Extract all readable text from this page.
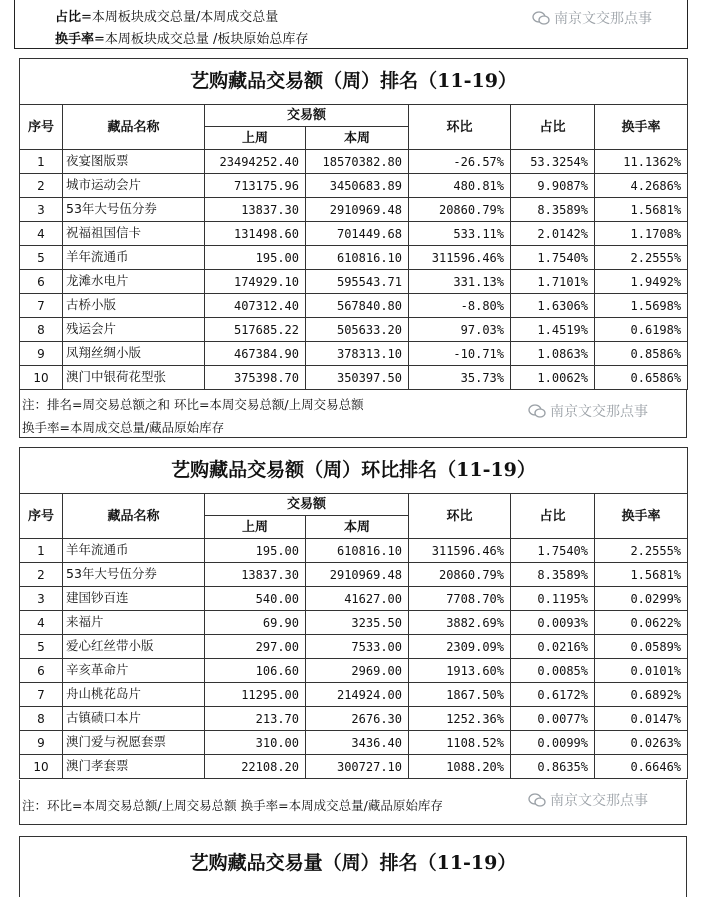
占比=本周板块成交总量/本周成交总量
换手率=本周板块成交总量 /板块原始总库存
南京文交那点事
艺购藏品交易额（周）排名（11-19）						
序号	藏品名称	交易额		环比	占比	换手率
		上周	本周			
1	夜宴图版票	23494252.40	18570382.80	-26.57%	53.3254%	11.1362%
2	城市运动会片	713175.96	3450683.89	480.81%	9.9087%	4.2686%
3	53年大号伍分券	13837.30	2910969.48	20860.79%	8.3589%	1.5681%
4	祝福祖国信卡	131498.60	701449.68	533.11%	2.0142%	1.1708%
5	羊年流通币	195.00	610816.10	311596.46%	1.7540%	2.2555%
6	龙滩水电片	174929.10	595543.71	331.13%	1.7101%	1.9492%
7	古桥小版	407312.40	567840.80	-8.80%	1.6306%	1.5698%
8	残运会片	517685.22	505633.20	97.03%	1.4519%	0.6198%
9	凤翔丝绸小版	467384.90	378313.10	-10.71%	1.0863%	0.8586%
10	澳门中银荷花型张	375398.70	350397.50	35.73%	1.0062%	0.6586%
注：排名=周交易总额之和 环比=本周交易总额/上周交易总额
换手率=本周成交总量/藏品原始库存
南京文交那点事
艺购藏品交易额（周）环比排名（11-19）						
序号	藏品名称	交易额		环比	占比	换手率
		上周	本周			
1	羊年流通币	195.00	610816.10	311596.46%	1.7540%	2.2555%
2	53年大号伍分券	13837.30	2910969.48	20860.79%	8.3589%	1.5681%
3	建国钞百连	540.00	41627.00	7708.70%	0.1195%	0.0299%
4	来福片	69.90	3235.50	3882.69%	0.0093%	0.0622%
5	爱心红丝带小版	297.00	7533.00	2309.09%	0.0216%	0.0589%
6	辛亥革命片	106.60	2969.00	1913.60%	0.0085%	0.0101%
7	舟山桃花岛片	11295.00	214924.00	1867.50%	0.6172%	0.6892%
8	古镇碛口本片	213.70	2676.30	1252.36%	0.0077%	0.0147%
9	澳门爱与祝愿套票	310.00	3436.40	1108.52%	0.0099%	0.0263%
10	澳门孝套票	22108.20	300727.10	1088.20%	0.8635%	0.6646%
注：环比=本周交易总额/上周交易总额 换手率=本周成交总量/藏品原始库存	南京文交那点事
艺购藏品交易量（周）排名（11-19）
